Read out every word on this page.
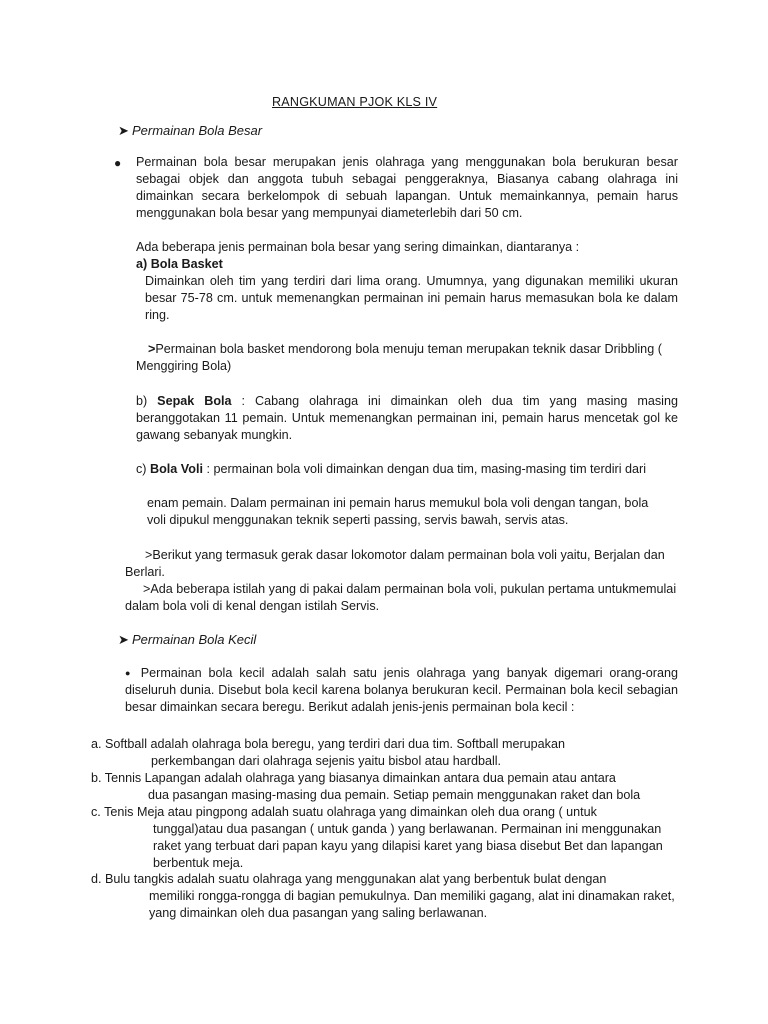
RANGKUMAN PJOK KLS IV
➤ Permainan Bola Besar
● Permainan bola besar merupakan jenis olahraga yang menggunakan bola berukuran besar sebagai objek dan anggota tubuh sebagai penggeraknya, Biasanya cabang olahraga ini dimainkan secara berkelompok di sebuah lapangan. Untuk memainkannya, pemain harus menggunakan bola besar yang mempunyai diameterlebih dari 50 cm.
Ada beberapa jenis permainan bola besar yang sering dimainkan, diantaranya :
a) Bola Basket
Dimainkan oleh tim yang terdiri dari lima orang. Umumnya, yang digunakan memiliki ukuran besar 75-78 cm. untuk memenangkan permainan ini pemain harus memasukan bola ke dalam ring.
>Permainan bola basket mendorong bola menuju teman merupakan teknik dasar Dribbling ( Menggiring Bola)
b) Sepak Bola : Cabang olahraga ini dimainkan oleh dua tim yang masing masing beranggotakan 11 pemain. Untuk memenangkan permainan ini, pemain harus mencetak gol ke gawang sebanyak mungkin.
c) Bola Voli : permainan bola voli dimainkan dengan dua tim, masing-masing tim terdiri dari
enam pemain. Dalam permainan ini pemain harus memukul bola voli dengan tangan, bola voli dipukul menggunakan teknik seperti passing, servis bawah, servis atas.
>Berikut yang termasuk gerak dasar lokomotor dalam permainan bola voli yaitu, Berjalan dan Berlari.
>Ada beberapa istilah yang di pakai dalam permainan bola voli, pukulan pertama untukmemulai dalam bola voli di kenal dengan istilah Servis.
➤ Permainan Bola Kecil
● Permainan bola kecil adalah salah satu jenis olahraga yang banyak digemari orang-orang diseluruh dunia. Disebut bola kecil karena bolanya berukuran kecil. Permainan bola kecil sebagian besar dimainkan secara beregu. Berikut adalah jenis-jenis permainan bola kecil :
a. Softball adalah olahraga bola beregu, yang terdiri dari dua tim. Softball merupakan
perkembangan dari olahraga sejenis yaitu bisbol atau hardball.
b. Tennis Lapangan adalah olahraga yang biasanya dimainkan antara dua pemain atau antara
dua pasangan masing-masing dua pemain. Setiap pemain menggunakan raket dan bola
c. Tenis Meja atau pingpong adalah suatu olahraga yang dimainkan oleh dua orang ( untuk
tunggal)atau dua pasangan ( untuk ganda ) yang berlawanan. Permainan ini menggunakan
raket yang terbuat dari papan kayu yang dilapisi karet yang biasa disebut Bet dan lapangan
berbentuk meja.
d. Bulu tangkis adalah suatu olahraga yang menggunakan alat yang berbentuk bulat dengan
memiliki rongga-rongga di bagian pemukulnya. Dan memiliki gagang, alat ini dinamakan raket,
yang dimainkan oleh dua pasangan yang saling berlawanan.
